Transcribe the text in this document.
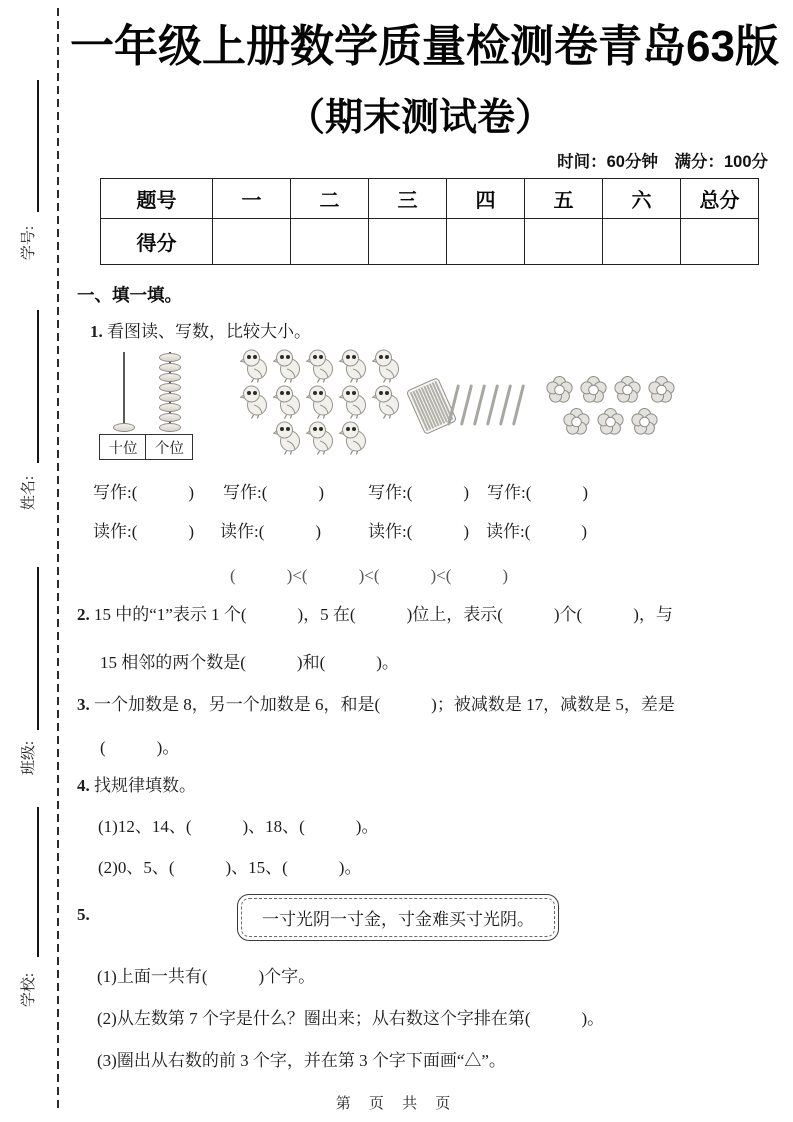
学号:
姓名:
班级:
学校:
一年级上册数学质量检测卷青岛63版
（期末测试卷）
时间：60分钟　满分：100分
题号	一	二	三	四	五	六	总分
得分							
一、填一填。
1. 看图读、写数，比较大小。
十位	个位
写作:(　　　) 写作:(　　　)	写作:(　　　) 写作:(　　　)
读作:(　　　) 读作:(　　　)	读作:(　　　) 读作:(　　　)
(　　　)<(　　　)<(　　　)<(　　　)
2. 15 中的“1”表示 1 个(　　　)，5 在(　　　)位上，表示(　　　)个(　　　)，与
15 相邻的两个数是(　　　)和(　　　)。
3. 一个加数是 8，另一个加数是 6，和是(　　　)；被减数是 17，减数是 5，差是
(　　　)。
4. 找规律填数。
(1)12、14、(　　　)、18、(　　　)。
(2)0、5、(　　　)、15、(　　　)。
5.	一寸光阴一寸金，寸金难买寸光阴。
(1)上面一共有(　　　)个字。
(2)从左数第 7 个字是什么？圈出来；从右数这个字排在第(　　　)。
(3)圈出从右数的前 3 个字，并在第 3 个字下面画“△”。
第 页 共 页
